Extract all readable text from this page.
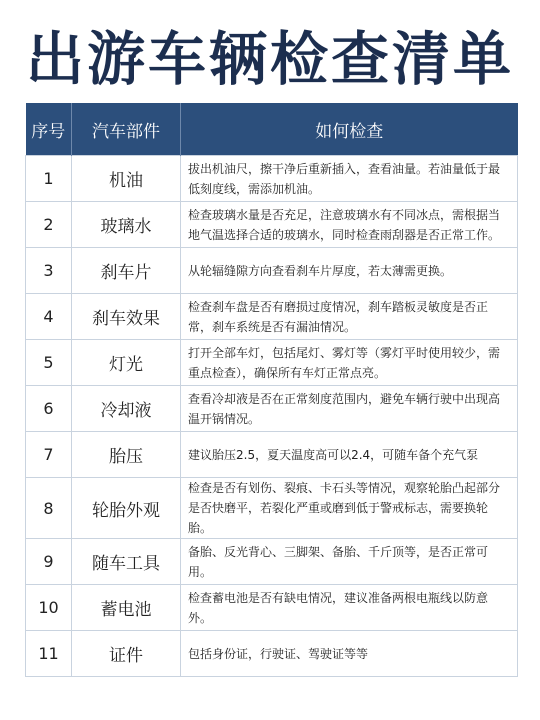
出游车辆检查清单
序号	汽车部件	如何检查
1	机油	拔出机油尺，擦干净后重新插入，查看油量。若油量低于最低刻度线，需添加机油。
2	玻璃水	检查玻璃水量是否充足，注意玻璃水有不同冰点，需根据当地气温选择合适的玻璃水，同时检查雨刮器是否正常工作。
3	刹车片	从轮辐缝隙方向查看刹车片厚度，若太薄需更换。
4	刹车效果	检查刹车盘是否有磨损过度情况，刹车踏板灵敏度是否正常，刹车系统是否有漏油情况。
5	灯光	打开全部车灯，包括尾灯、雾灯等（雾灯平时使用较少，需重点检查），确保所有车灯正常点亮。
6	冷却液	查看冷却液是否在正常刻度范围内，避免车辆行驶中出现高温开锅情况。
7	胎压	建议胎压2.5，夏天温度高可以2.4，可随车备个充气泵
8	轮胎外观	检查是否有划伤、裂痕、卡石头等情况，观察轮胎凸起部分是否快磨平，若裂化严重或磨到低于警戒标志，需要换轮胎。
9	随车工具	备胎、反光背心、三脚架、备胎、千斤顶等，是否正常可用。
10	蓄电池	检查蓄电池是否有缺电情况，建议准备两根电瓶线以防意外。
11	证件	包括身份证，行驶证、驾驶证等等
